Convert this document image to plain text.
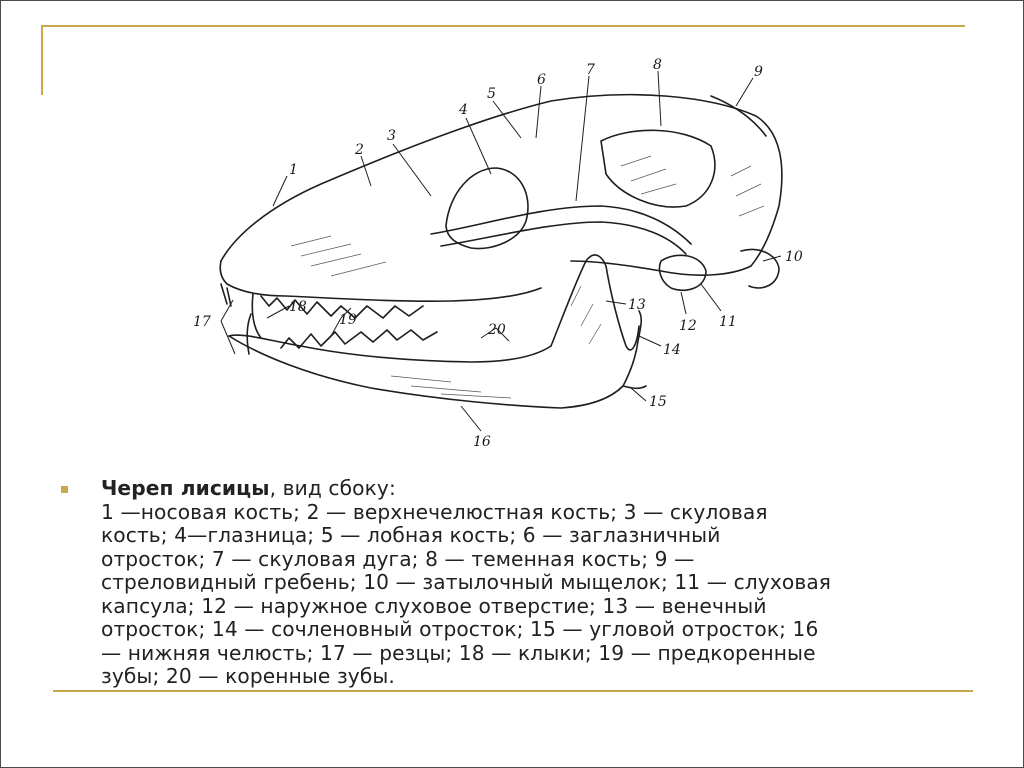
1
2
3
4
5
6
7	8	9
10
11
12
13
14
15
16
17
18
19
20
Череп лисицы, вид сбоку:
1 —носовая кость; 2 — верхнечелюстная кость; 3 — скуловая
кость; 4—глазница; 5 — лобная кость; 6 — заглазничный
отросток; 7 — скуловая дуга; 8 — теменная кость; 9 —
стреловидный гребень; 10 — затылочный мыщелок; 11 — слуховая
капсула; 12 — наружное слуховое отверстие; 13 — венечный
отросток; 14 — сочленовный отросток; 15 — угловой отросток; 16
— нижняя челюсть; 17 — резцы; 18 — клыки; 19 — предкоренные
зубы; 20 — коренные зубы.
